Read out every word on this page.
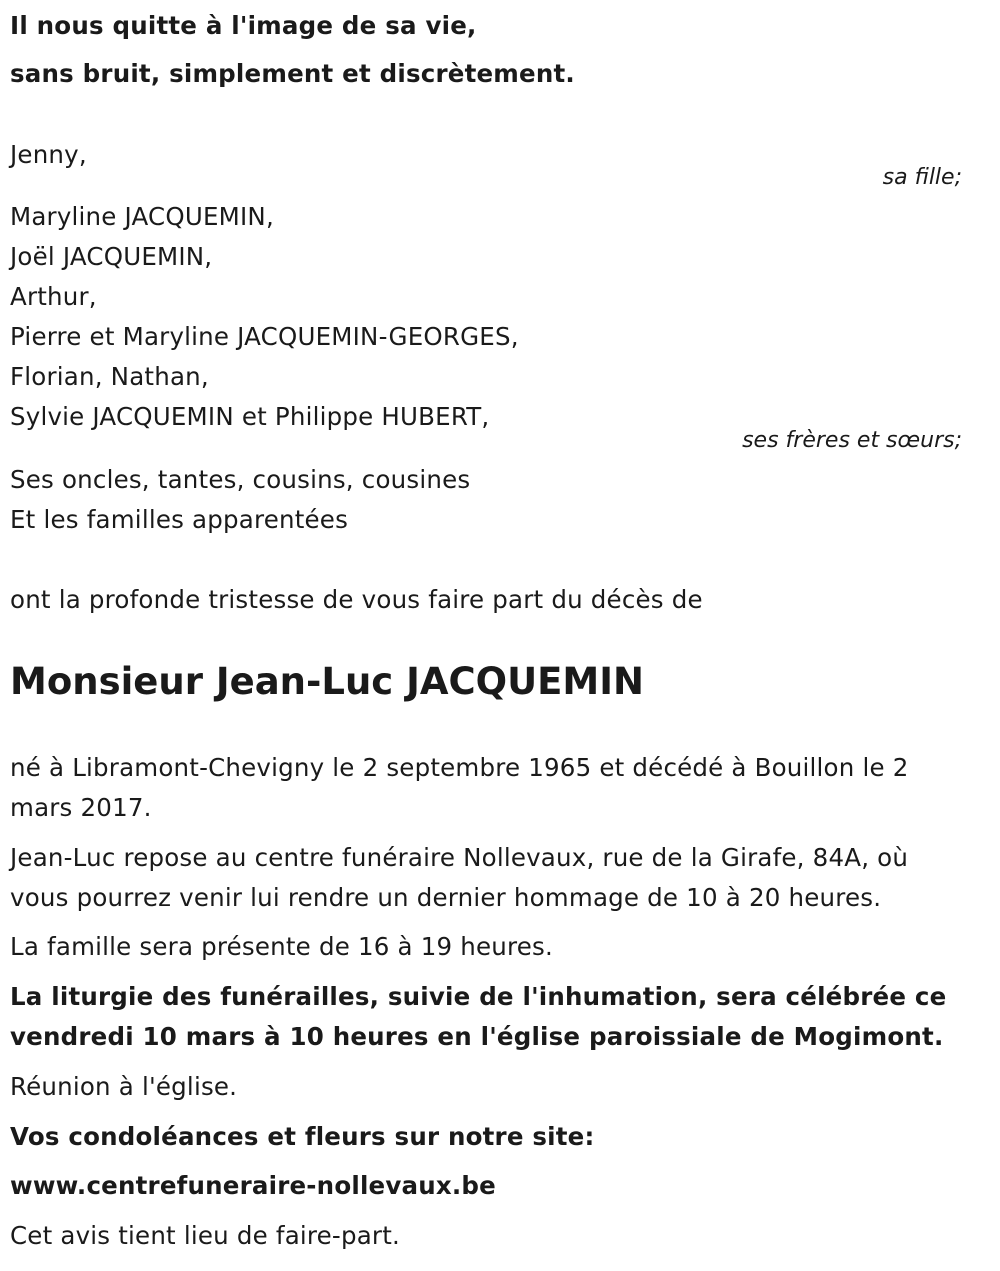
Il nous quitte à l'image de sa vie,
sans bruit, simplement et discrètement.
Jenny,
sa fille;
Maryline JACQUEMIN,
Joël JACQUEMIN,
Arthur,
Pierre et Maryline JACQUEMIN-GEORGES,
Florian, Nathan,
Sylvie JACQUEMIN et Philippe HUBERT,
ses frères et sœurs;
Ses oncles, tantes, cousins, cousines
Et les familles apparentées
ont la profonde tristesse de vous faire part du décès de
Monsieur Jean-Luc JACQUEMIN
né à Libramont-Chevigny le 2 septembre 1965 et décédé à Bouillon le 2
mars 2017.
Jean-Luc repose au centre funéraire Nollevaux, rue de la Girafe, 84A, où
vous pourrez venir lui rendre un dernier hommage de 10 à 20 heures.
La famille sera présente de 16 à 19 heures.
La liturgie des funérailles, suivie de l'inhumation, sera célébrée ce
vendredi 10 mars à 10 heures en l'église paroissiale de Mogimont.
Réunion à l'église.
Vos condoléances et fleurs sur notre site:
www.centrefuneraire-nollevaux.be
Cet avis tient lieu de faire-part.
